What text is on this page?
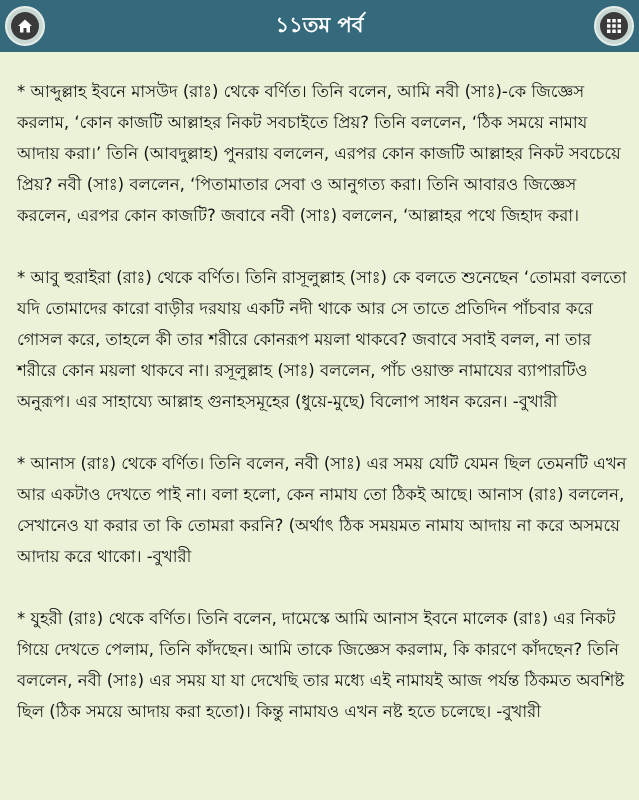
১১তম পর্ব

* আব্দুল্লাহ ইবনে মাসউদ (রাঃ) থেকে বর্ণিত। তিনি বলেন, আমি নবী (সাঃ)-কে জিজ্ঞেস করলাম, ‘কোন কাজটি আল্লাহর নিকট সবচাইতে প্রিয়? তিনি বললেন, ‘ঠিক সময়ে নামায আদায় করা।’ তিনি (আবদুল্লাহ) পুনরায় বললেন, এরপর কোন কাজটি আল্লাহর নিকট সবচেয়ে প্রিয়? নবী (সাঃ) বললেন, ‘পিতামাতার সেবা ও আনুগত্য করা। তিনি আবারও জিজ্ঞেস করলেন, এরপর কোন কাজটি? জবাবে নবী (সাঃ) বললেন, ‘আল্লাহর পথে জিহাদ করা।

* আবু হুরাইরা (রাঃ) থেকে বর্ণিত। তিনি রাসূলুল্লাহ (সাঃ) কে বলতে শুনেছেন ‘তোমরা বলতো যদি তোমাদের কারো বাড়ীর দরযায় একটি নদী থাকে আর সে তাতে প্রতিদিন পাঁচবার করে গোসল করে, তাহলে কী তার শরীরে কোনরূপ ময়লা থাকবে? জবাবে সবাই বলল, না তার শরীরে কোন ময়লা থাকবে না। রসূলুল্লাহ (সাঃ) বললেন, পাঁচ ওয়াক্ত নামাযের ব্যাপারটিও অনুরূপ। এর সাহায্যে আল্লাহ গুনাহসমূহের (ধুয়ে-মুছে) বিলোপ সাধন করেন। -বুখারী

* আনাস (রাঃ) থেকে বর্ণিত। তিনি বলেন, নবী (সাঃ) এর সময় যেটি যেমন ছিল তেমনটি এখন আর একটাও দেখতে পাই না। বলা হলো, কেন নামায তো ঠিকই আছে। আনাস (রাঃ) বললেন, সেখানেও যা করার তা কি তোমরা করনি? (অর্থাৎ ঠিক সময়মত নামায আদায় না করে অসময়ে আদায় করে থাকো। -বুখারী

* যুহরী (রাঃ) থেকে বর্ণিত। তিনি বলেন, দামেস্কে আমি আনাস ইবনে মালেক (রাঃ) এর নিকট গিয়ে দেখতে পেলাম, তিনি কাঁদছেন। আমি তাকে জিজ্ঞেস করলাম, কি কারণে কাঁদছেন? তিনি বললেন, নবী (সাঃ) এর সময় যা যা দেখেছি তার মধ্যে এই নামাযই আজ পর্যন্ত ঠিকমত অবশিষ্ট ছিল (ঠিক সময়ে আদায় করা হতো)। কিন্তু নামাযও এখন নষ্ট হতে চলেছে। -বুখারী
